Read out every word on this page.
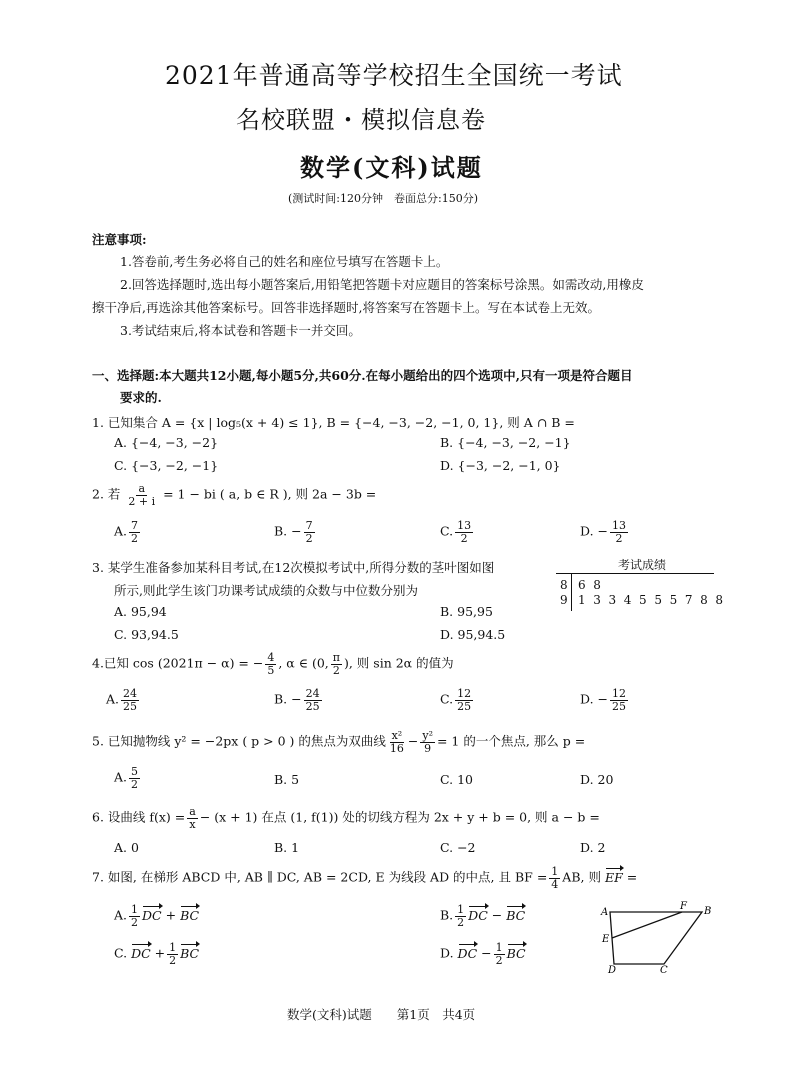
2021年普通高等学校招生全国统一考试
名校联盟・模拟信息卷
数学(文科)试题
(测试时间:120分钟　卷面总分:150分)
注意事项:
1.答卷前,考生务必将自己的姓名和座位号填写在答题卡上。
2.回答选择题时,选出每小题答案后,用铅笔把答题卡对应题目的答案标号涂黑。如需改动,用橡皮
擦干净后,再选涂其他答案标号。回答非选择题时,将答案写在答题卡上。写在本试卷上无效。
3.考试结束后,将本试卷和答题卡一并交回。
一、选择题:本大题共12小题,每小题5分,共60分.在每小题给出的四个选项中,只有一项是符合题目
要求的.
1. 已知集合 A = {x | log₅(x + 4) ≤ 1}, B = {−4, −3, −2, −1, 0, 1}, 则 A ∩ B =
A. {−4, −3, −2}	B. {−4, −3, −2, −1}
C. {−3, −2, −1}	D. {−3, −2, −1, 0}
2. 若 $\frac{a}{2 + i} = 1$ − bi ( a, b ∈ R ), 则 2a − 3b =
A. $\frac{7}{2}$	B. − $\frac{7}{2}$	C. $\frac{13}{2}$	D. − $\frac{13}{2}$
3. 某学生准备参加某科目考试,在12次模拟考试中,所得分数的茎叶图如图
所示,则此学生该门功课考试成绩的众数与中位数分别为
A. 95,94	B. 95,95
C. 93,94.5	D. 95,94.5
考试成绩
8 6  8
9 1  3  3  4  5  5  5  7  8  8
4.已知 cos (2021π − α) = − $\frac{4}{5}$ , α ∈ (0, $\frac{\pi}{2}$ ), 则 sin 2α 的值为
A. $\frac{24}{25}$	B. − $\frac{24}{25}$	C. $\frac{12}{25}$	D. − $\frac{12}{25}$
5. 已知抛物线 y² = −2px ( p > 0 ) 的焦点为双曲线 $\frac{\text{x²}}{16} - \frac{\text{y²}}{9} = 1$ 的一个焦点, 那么 p =
A. $\frac{5}{2}$	B. 5	C. 10	D. 20
6. 设曲线 $f(x) = \frac{a}{x} - (x + 1)$ 在点 (1, f(1)) 处的切线方程为 2x + y + b = 0, 则 a − b =
A. 0	B. 1	C. −2	D. 2
7. 如图, 在梯形 ABCD 中, AB ∥ DC, AB = 2CD, E 为线段 AD 的中点, 且 BF = $\frac{1}{4}$ AB, 则 EF =
A. $\frac{1}{2}$ DC + BC	B. $\frac{1}{2}$ DC − BC
C. DC + $\frac{1}{2}$ BC	D. DC − $\frac{1}{2}$ BC
A
F B
E
D	C
数学(文科)试题　　第1页　共4页
